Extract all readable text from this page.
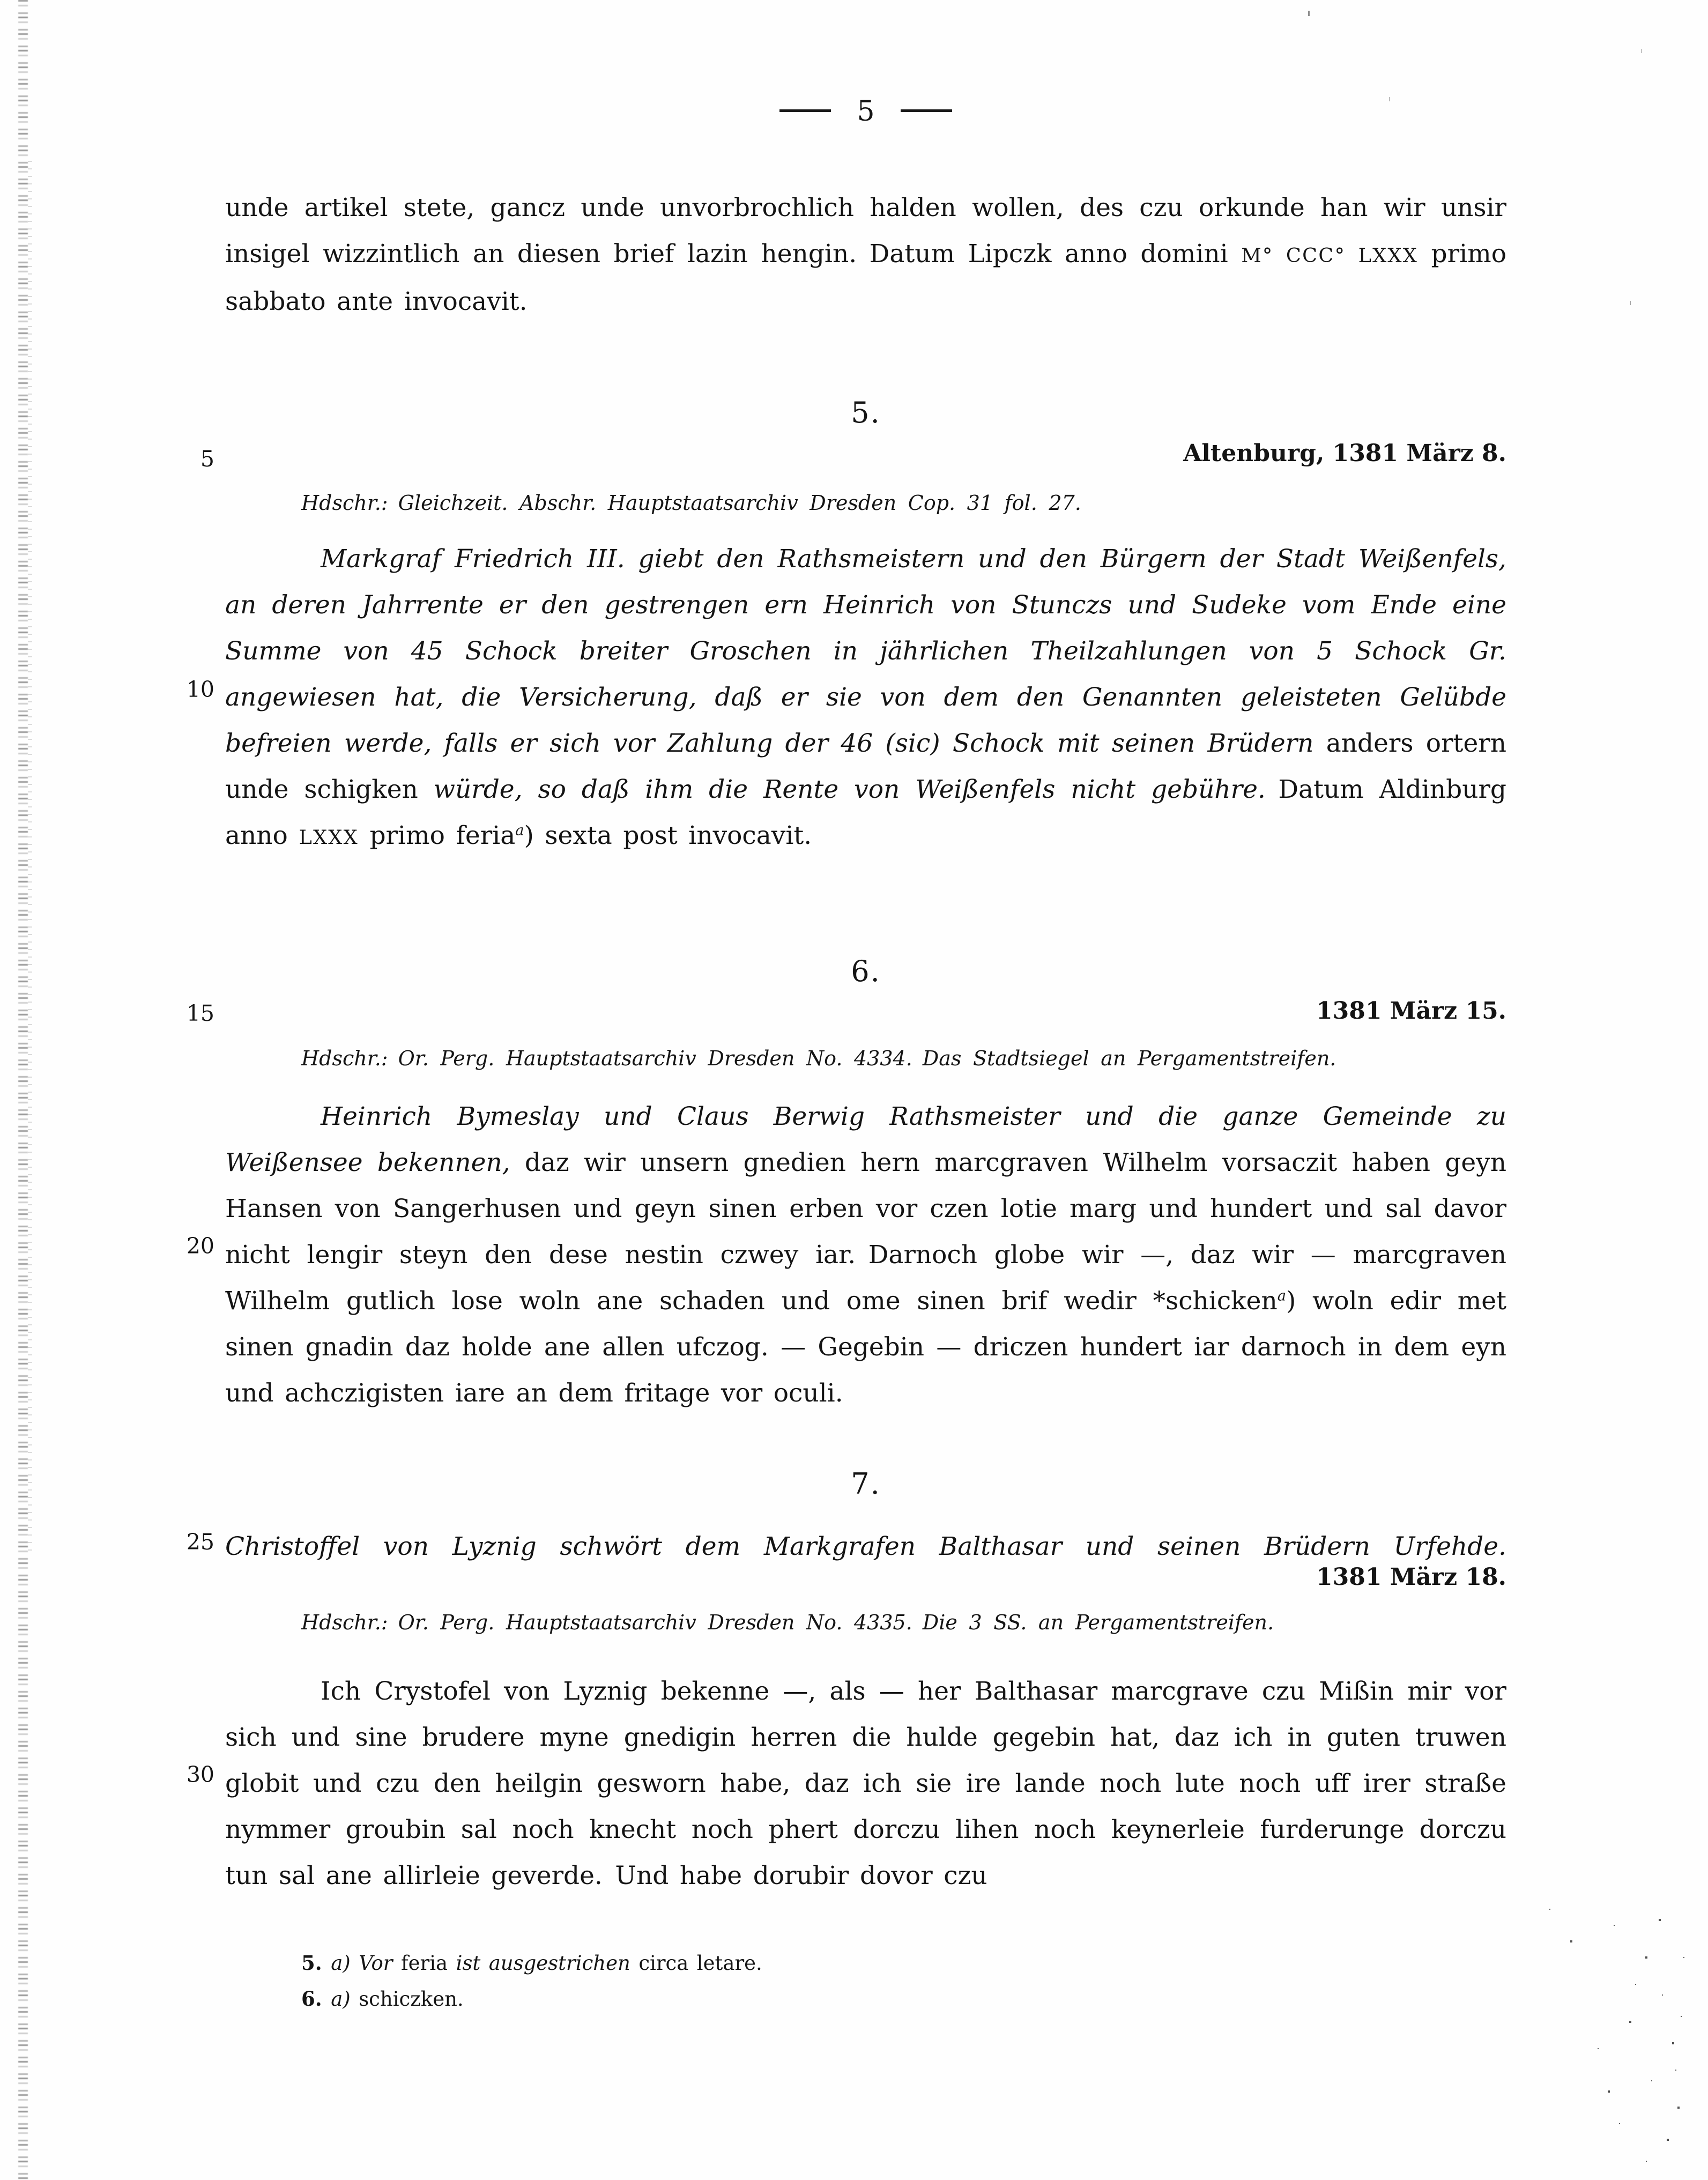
5
unde artikel stete, gancz unde unvorbrochlich halden wollen, des czu orkunde han wir unsir insigel wizzintlich an diesen brief lazin hengin. Datum Lipczk anno domini M° CCC° LXXX primo sabbato ante invocavit.
5
10
15
20
25
30
5.
Altenburg, 1381 März 8.
Hdschr.: Gleichzeit. Abschr. Hauptstaatsarchiv Dresden Cop. 31 fol. 27.
Markgraf Friedrich III. giebt den Rathsmeistern und den Bürgern der Stadt Weißenfels, an deren Jahrrente er den gestrengen ern Heinrich von Stunczs und Sudeke vom Ende eine Summe von 45 Schock breiter Groschen in jährlichen Theilzahlungen von 5 Schock Gr. angewiesen hat, die Versicherung, daß er sie von dem den Genannten geleisteten Gelübde befreien werde, falls er sich vor Zahlung der 46 (sic) Schock mit seinen Brüdern anders ortern unde schigken würde, so daß ihm die Rente von Weißenfels nicht gebühre. Datum Aldinburg anno LXXX primo feria$^a$) sexta post invocavit.
6.
1381 März 15.
Hdschr.: Or. Perg. Hauptstaatsarchiv Dresden No. 4334. Das Stadtsiegel an Pergamentstreifen.
Heinrich Bymeslay und Claus Berwig Rathsmeister und die ganze Gemeinde zu Weißensee bekennen, daz wir unsern gnedien hern marcgraven Wilhelm vorsaczit haben geyn Hansen von Sangerhusen und geyn sinen erben vor czen lotie marg und hundert und sal davor nicht lengir steyn den dese nestin czwey iar. Darnoch globe wir —, daz wir — marcgraven Wilhelm gutlich lose woln ane schaden und ome sinen brif wedir *schicken$^a$) woln edir met sinen gnadin daz holde ane allen ufczog. — Gegebin — driczen hundert iar darnoch in dem eyn und achczigisten iare an dem fritage vor oculi.
7.
Christoffel von Lyznig schwört dem Markgrafen Balthasar und seinen Brüdern Urfehde.
1381 März 18.
Hdschr.: Or. Perg. Hauptstaatsarchiv Dresden No. 4335. Die 3 SS. an Pergamentstreifen.
Ich Crystofel von Lyznig bekenne —, als — her Balthasar marcgrave czu Mißin mir vor sich und sine brudere myne gnedigin herren die hulde gegebin hat, daz ich in guten truwen globit und czu den heilgin gesworn habe, daz ich sie ire lande noch lute noch uff irer straße nymmer groubin sal noch knecht noch phert dorczu lihen noch keynerleie furderunge dorczu tun sal ane allirleie geverde. Und habe dorubir dovor czu
5. a) Vor feria ist ausgestrichen circa letare.
6. a) schiczken.
